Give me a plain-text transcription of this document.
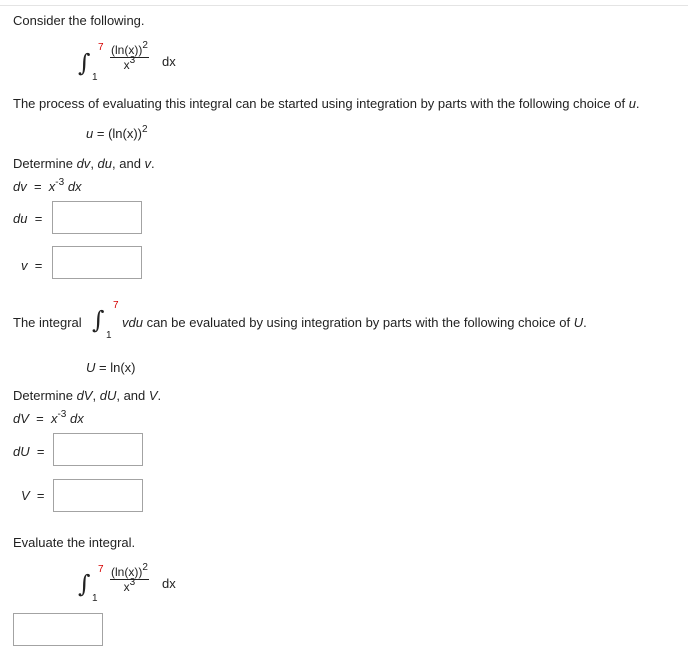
Consider the following.
∫
7
1
$\frac{(\ln(x))^2}{x^3}$ dx
The process of evaluating this integral can be started using integration by parts with the following choice of u.
$u = (\ln(x))^2$
Determine dv, du, and v.
dv = $x^{-3}$ dx
du =
v =
The integral ∫
7
1
vdu can be evaluated by using integration by parts with the following choice of U.
U = ln(x)
Determine dV, dU, and V.
dV = $x^{-3}$ dx
dU =
V =
Evaluate the integral.
∫
7
1
$\frac{(\ln(x))^2}{x^3}$ dx
